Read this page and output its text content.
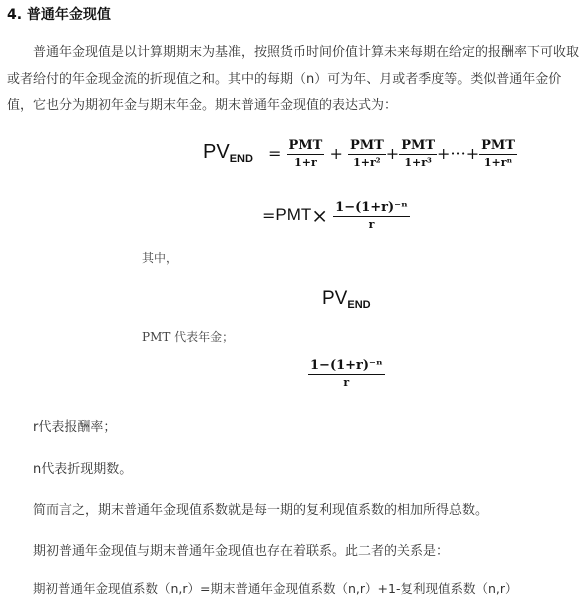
4. 普通年金现值
普通年金现值是以计算期期末为基准，按照货币时间价值计算未来每期在给定的报酬率下可收取或者给付的年金现金流的折现值之和。其中的每期（n）可为年、月或者季度等。类似普通年金价值，它也分为期初年金与期末年金。期末普通年金现值的表达式为：
$PV_{END} = \frac{\text{PMT}}{1+r} + \frac{\text{PMT}}{\text{1+r²}} + \frac{\text{PMT}}{\text{1+r³}}$ +···+ $\frac{\text{PMT}}{\text{1+rⁿ}}$
$=PMT\times \frac{\text{1−(1+r)⁻ⁿ}}{r}$
其中，
$PV_{END}$
PMT 代表年金；
$\frac{\text{1−(1+r)⁻ⁿ}}{r}$
r代表报酬率；
n代表折现期数。
简而言之，期末普通年金现值系数就是每一期的复利现值系数的相加所得总数。
期初普通年金现值与期末普通年金现值也存在着联系。此二者的关系是：
期初普通年金现值系数（n,r）=期末普通年金现值系数（n,r）+1-复利现值系数（n,r）
